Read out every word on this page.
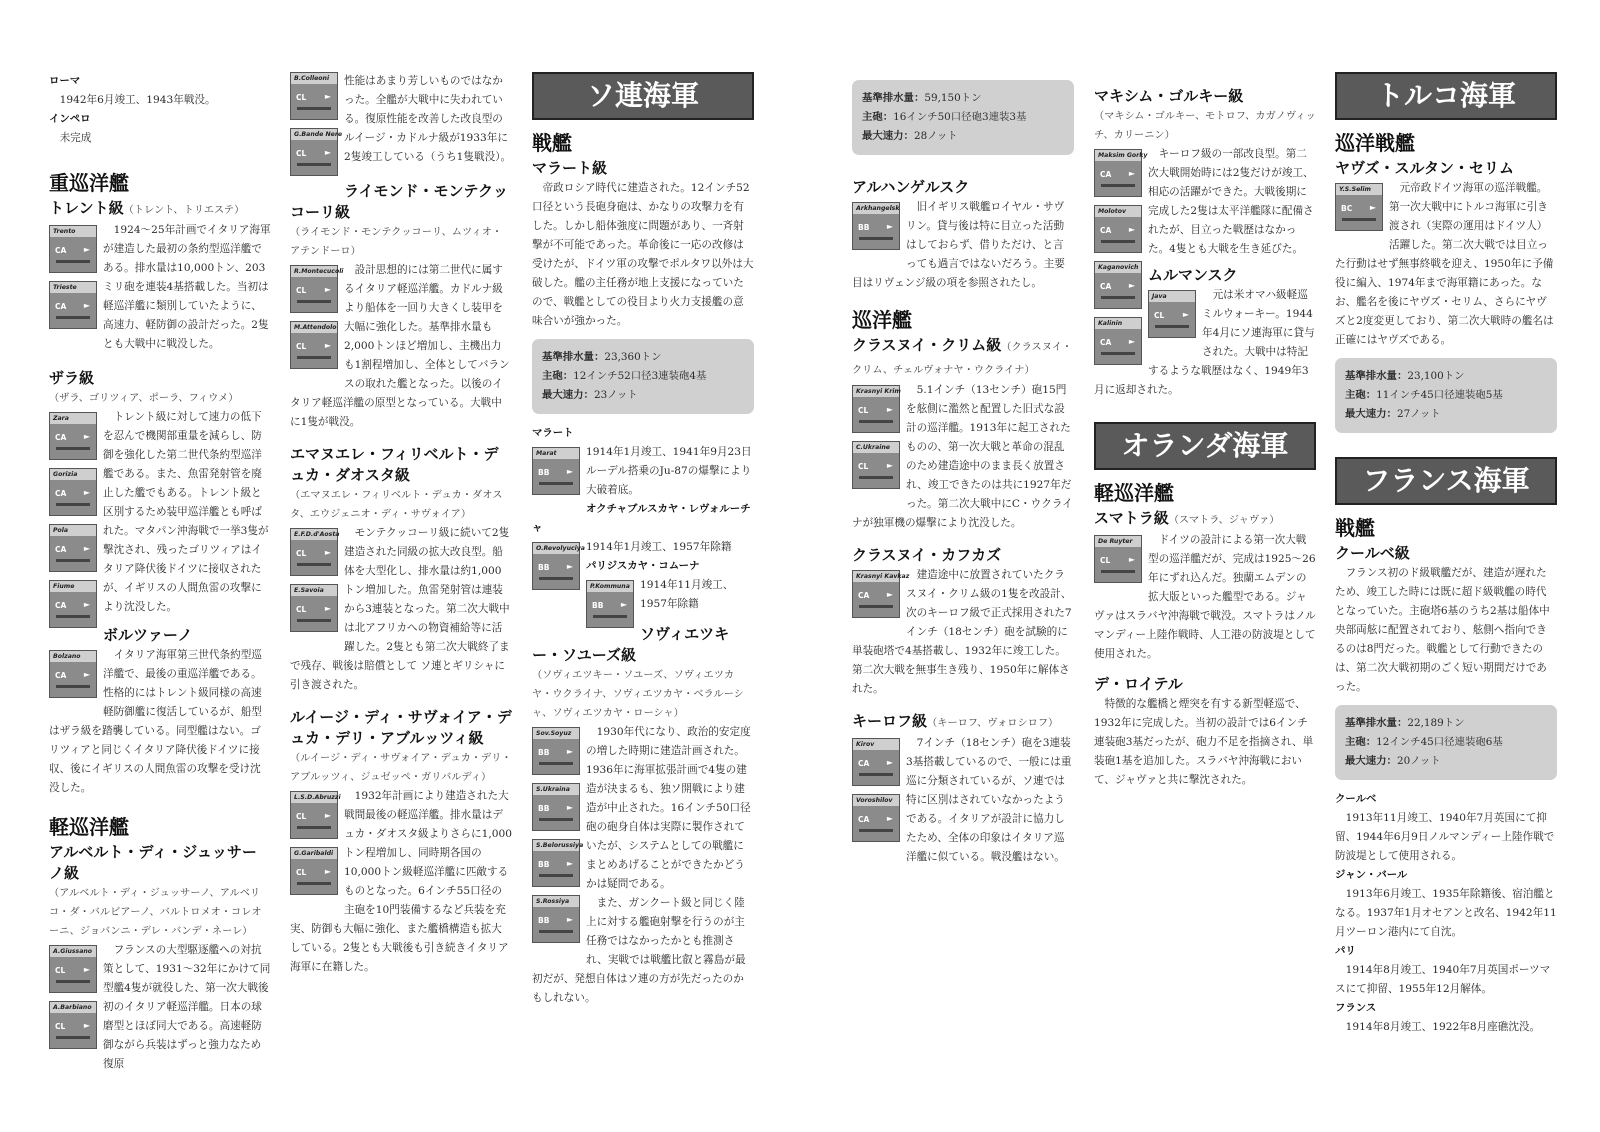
ローマ
1942年6月竣工、1943年戦没。
インペロ
未完成
重巡洋艦
トレント級（トレント、トリエステ）
Trento
CA ►
Trieste
CA ►
1924～25年計画でイタリア海軍が建造した最初の条約型巡洋艦である。排水量は10,000トン、203ミリ砲を連装4基搭載した。当初は軽巡洋艦に類別していたように、高速力、軽防御の設計だった。2隻とも大戦中に戦没した。
ザラ級
（ザラ、ゴリツィア、ポーラ、フィウメ）
Zara
CA ►
Gorizia
CA ►
Pola
CA ►
Fiume
CA ►
トレント級に対して速力の低下を忍んで機関部重量を減らし、防御を強化した第二世代条約型巡洋艦である。また、魚雷発射管を廃止した艦でもある。トレント級と区別するため装甲巡洋艦とも呼ばれた。マタパン沖海戦で一挙3隻が撃沈され、残ったゴリツィアはイタリア降伏後ドイツに接収されたが、イギリスの人間魚雷の攻撃により沈没した。
ボルツァーノ
Bolzano
CA ►
イタリア海軍第三世代条約型巡洋艦で、最後の重巡洋艦である。性格的にはトレント級同様の高速軽防御艦に復活しているが、船型はザラ級を踏襲している。同型艦はない。ゴリツィアと同じくイタリア降伏後ドイツに接収、後にイギリスの人間魚雷の攻撃を受け沈没した。
軽巡洋艦
アルベルト・ディ・ジュッサーノ級
（アルベルト・ディ・ジュッサーノ、アルベリコ・ダ・バルビアーノ、バルトロメオ・コレオーニ、ジョバンニ・デレ・バンデ・ネーレ）
A.Giussano
CL ►
A.Barbiano
CL ►
フランスの大型駆逐艦への対抗策として、1931～32年にかけて同型艦4隻が就役した、第一次大戦後初のイタリア軽巡洋艦。日本の球磨型とほぼ同大である。高速軽防御ながら兵装はずっと強力なため復原
B.Colleoni
CL ►
G.Bande Nere
CL ►
性能はあまり芳しいものではなかった。全艦が大戦中に失われている。復原性能を改善した改良型のルイージ・カドルナ級が1933年に2隻竣工している（うち1隻戦没）。
ライモンド・モンテクッコーリ級
（ライモンド・モンテクッコーリ、ムツィオ・アテンドーロ）
R.Montecucoli
CL ►
M.Attendolo
CL ►
設計思想的には第二世代に属するイタリア軽巡洋艦。カドルナ級より船体を一回り大きくし装甲を大幅に強化した。基準排水量も2,000トンほど増加し、主機出力も1割程増加し、全体としてバランスの取れた艦となった。以後のイタリア軽巡洋艦の原型となっている。大戦中に1隻が戦没。
エマヌエレ・フィリベルト・デュカ・ダオスタ級
（エマヌエレ・フィリベルト・デュカ・ダオスタ、エウジェニオ・ディ・サヴォイア）
E.F.D.d'Aosta
CL ►
E.Savoia
CL ►
モンテクッコーリ級に続いて2隻建造された同級の拡大改良型。船体を大型化し、排水量は約1,000トン増加した。魚雷発射管は連装から3連装となった。第二次大戦中は北アフリカへの物資補給等に活躍した。2隻とも第二次大戦終了まで残存、戦後は賠償として ソ連とギリシャに引き渡された。
ルイージ・ディ・サヴォイア・デュカ・デリ・アブルッツィ級
（ルイージ・ディ・サヴォイア・デュカ・デリ・アブルッツィ、ジュゼッペ・ガリバルディ）
L.S.D.Abruzzi
CL ►
G.Garibaldi
CL ►
1932年計画により建造された大戦間最後の軽巡洋艦。排水量はデュカ・ダオスタ級よりさらに1,000トン程増加し、同時期各国の10,000トン級軽巡洋艦に匹敵するものとなった。6インチ55口径の主砲を10門装備するなど兵装を充実、防御も大幅に強化、また艦橋構造も拡大している。2隻とも大戦後も引き続きイタリア海軍に在籍した。
ソ連海軍
戦艦
マラート級
帝政ロシア時代に建造された。12インチ52口径という長砲身砲は、かなりの攻撃力を有した。しかし船体強度に問題があり、一斉射撃が不可能であった。革命後に一応の改修は受けたが、ドイツ軍の攻撃でポルタワ以外は大破した。艦の主任務が地上支援になっていたので、戦艦としての役目より火力支援艦の意味合いが強かった。
基準排水量：23,360トン
主砲：12インチ52口径3連装砲4基
最大速力：23ノット
マラート
Marat
BB ►
1914年1月竣工、1941年9月23日ルーデル搭乗のJu-87の爆撃により大破着底。
オクチャブルスカヤ・レヴォルーチャ
O.Revolyuciya
BB ►
1914年1月竣工、1957年除籍
パリジスカヤ・コムーナ
P.Kommuna
BB ►
1914年11月竣工、1957年除籍
ソヴィエツキー・ソユーズ級
（ソヴィエツキー・ソユーズ、ソヴィエツカヤ・ウクライナ、ソヴィエツカヤ・ベラルーシャ、ソヴィエツカヤ・ローシャ）
Sov.Soyuz
BB ►
S.Ukraina
BB ►
S.Belorussiya
BB ►
S.Rossiya
BB ►
1930年代になり、政治的安定度の増した時期に建造計画された。1936年に海軍拡張計画で4隻の建造が決まるも、独ソ開戦により建造が中止された。16インチ50口径砲の砲身自体は実際に製作されていたが、システムとしての戦艦にまとめあげることができたかどうかは疑問である。
また、ガンクート級と同じく陸上に対する艦砲射撃を行うのが主任務ではなかったかとも推測され、実戦では戦艦比叡と霧島が最初だが、発想自体はソ連の方が先だったのかもしれない。
基準排水量：59,150トン
主砲：16インチ50口径砲3連装3基
最大速力：28ノット
アルハンゲルスク
Arkhangelsk
BB ►
旧イギリス戦艦ロイヤル・サヴリン。貸与後は特に目立った活動はしておらず、借りただけ、と言っても過言ではないだろう。主要目はリヴェンジ級の項を参照されたし。
巡洋艦
クラスヌイ・クリム級（クラスヌイ・クリム、チェルヴォナヤ・ウクライナ）
Krasnyi Krim
CL ►
C.Ukraine
CL ►
5.1インチ（13センチ）砲15門を舷側に濫然と配置した旧式な設計の巡洋艦。1913年に起工されたものの、第一次大戦と革命の混乱のため建造途中のまま長く放置され、竣工できたのは共に1927年だった。第二次大戦中にC・ウクライナが独軍機の爆撃により沈没した。
クラスヌイ・カフカズ
Krasnyi Kavkaz
CA ►
建造途中に放置されていたクラスヌイ・クリム級の1隻を改設計、次のキーロフ級で正式採用された7インチ（18センチ）砲を試験的に単装砲塔で4基搭載し、1932年に竣工した。第二次大戦を無事生き残り、1950年に解体された。
キーロフ級（キーロフ、ヴォロシロフ）
Kirov
CA ►
Voroshilov
CA ►
7インチ（18センチ）砲を3連装3基搭載しているので、一般には重巡に分類されているが、ソ連では特に区別はされていなかったようである。イタリアが設計に協力したため、全体の印象はイタリア巡洋艦に似ている。戦没艦はない。
マキシム・ゴルキー級
（マキシム・ゴルキー、モトロフ、カガノヴィッチ、カリーニン）
Maksim Gorky
CA ►
Molotov
CA ►
Kaganovich
CA ►
Kalinin
CA ►
キーロフ級の一部改良型。第二次大戦開始時には2隻だけが竣工、相応の活躍ができた。大戦後期に完成した2隻は太平洋艦隊に配備されたが、目立った戦歴はなかった。4隻とも大戦を生き延びた。
ムルマンスク
Java
CL ►
元は米オマハ級軽巡ミルウォーキー。1944年4月にソ連海軍に貸与された。大戦中は特記するような戦歴はなく、1949年3月に返却された。
オランダ海軍
軽巡洋艦
スマトラ級（スマトラ、ジャヴァ）
De Ruyter
CL ►
ドイツの設計による第一次大戦型の巡洋艦だが、完成は1925～26年にずれ込んだ。独蘭エムデンの拡大版といった艦型である。ジャヴァはスラバヤ沖海戦で戦没。スマトラはノルマンディー上陸作戦時、人工港の防波堤として使用された。
デ・ロイテル
特徴的な艦橋と煙突を有する新型軽巡で、1932年に完成した。当初の設計では6インチ連装砲3基だったが、砲力不足を指摘され、単装砲1基を追加した。スラバヤ沖海戦において、ジャヴァと共に撃沈された。
トルコ海軍
巡洋戦艦
ヤヴズ・スルタン・セリム
Y.S.Selim
BC ►
元帝政ドイツ海軍の巡洋戦艦。第一次大戦中にトルコ海軍に引き渡され（実際の運用はドイツ人）活躍した。第二次大戦では目立った行動はせず無事終戦を迎え、1950年に予備役に編入、1974年まで海軍籍にあった。なお、艦名を後にヤヴズ・セリム、さらにヤヴズと2度変更しており、第二次大戦時の艦名は正確にはヤヴズである。
基準排水量：23,100トン
主砲：11インチ45口径連装砲5基
最大速力：27ノット
フランス海軍
戦艦
クールベ級
フランス初のド級戦艦だが、建造が遅れたため、竣工した時には既に超ド級戦艦の時代となっていた。主砲塔6基のうち2基は船体中央部両舷に配置されており、舷側へ指向できるのは8門だった。戦艦として行動できたのは、第二次大戦初期のごく短い期間だけであった。
基準排水量：22,189トン
主砲：12インチ45口径連装砲6基
最大速力：20ノット
クールベ
1913年11月竣工、1940年7月英国にて抑留、1944年6月9日ノルマンディー上陸作戦で防波堤として使用される。
ジャン・バール
1913年6月竣工、1935年除籍後、宿泊艦となる。1937年1月オセアンと改名、1942年11月ツーロン港内にて自沈。
パリ
1914年8月竣工、1940年7月英国ポーツマスにて抑留、1955年12月解体。
フランス
1914年8月竣工、1922年8月座礁沈没。
